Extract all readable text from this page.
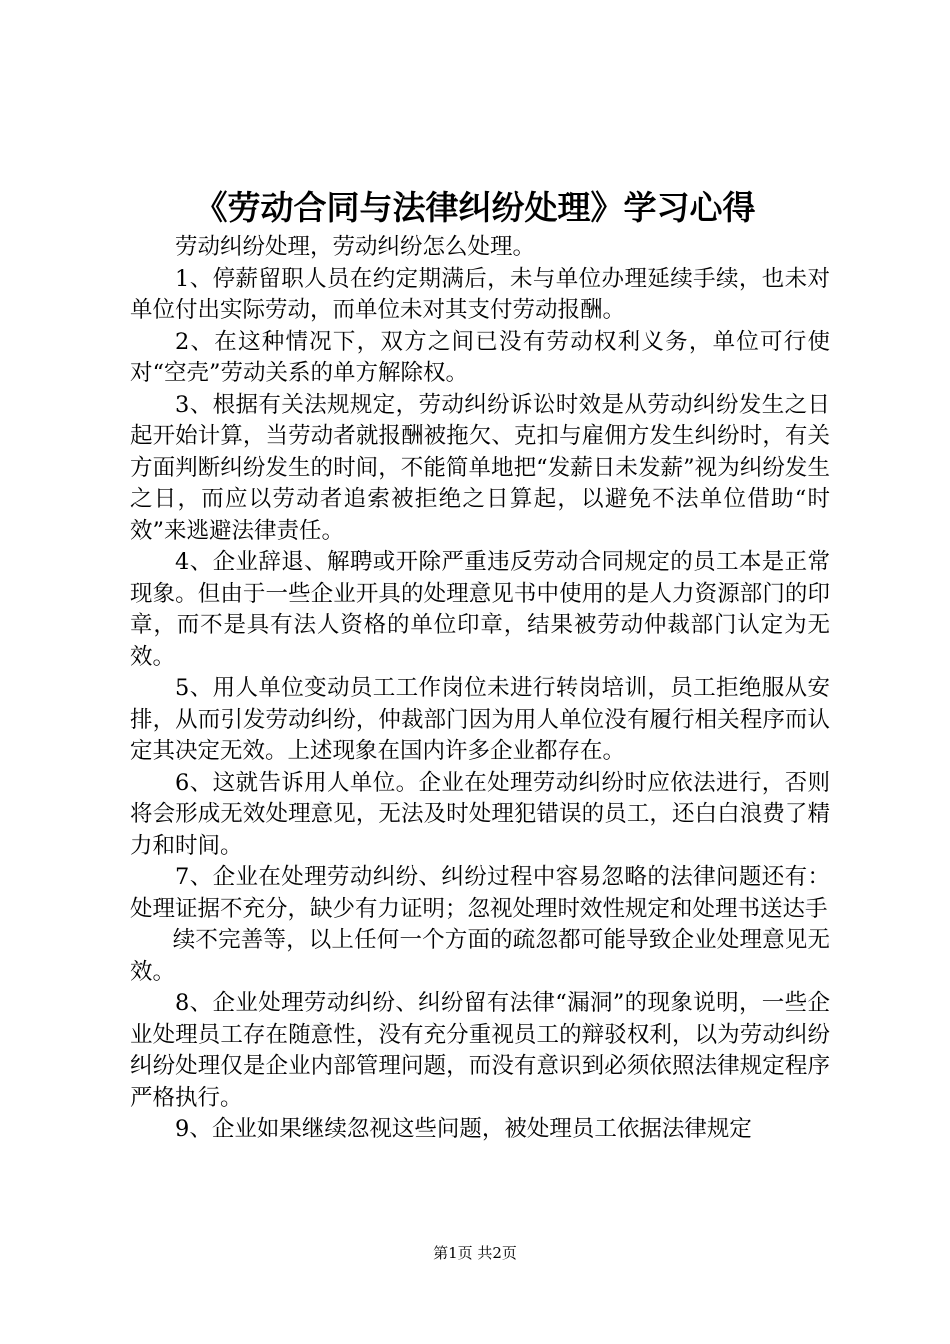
《劳动合同与法律纠纷处理》学习心得

劳动纠纷处理，劳动纠纷怎么处理。

1、停薪留职人员在约定期满后，未与单位办理延续手续，也未对单位付出实际劳动，而单位未对其支付劳动报酬。

2、在这种情况下，双方之间已没有劳动权利义务，单位可行使对“空壳”劳动关系的单方解除权。

3、根据有关法规规定，劳动纠纷诉讼时效是从劳动纠纷发生之日起开始计算，当劳动者就报酬被拖欠、克扣与雇佣方发生纠纷时，有关方面判断纠纷发生的时间，不能简单地把“发薪日未发薪”视为纠纷发生之日，而应以劳动者追索被拒绝之日算起，以避免不法单位借助“时效”来逃避法律责任。

4、企业辞退、解聘或开除严重违反劳动合同规定的员工本是正常现象。但由于一些企业开具的处理意见书中使用的是人力资源部门的印章，而不是具有法人资格的单位印章，结果被劳动仲裁部门认定为无效。

5、用人单位变动员工工作岗位未进行转岗培训，员工拒绝服从安排，从而引发劳动纠纷，仲裁部门因为用人单位没有履行相关程序而认定其决定无效。上述现象在国内许多企业都存在。

6、这就告诉用人单位。企业在处理劳动纠纷时应依法进行，否则将会形成无效处理意见，无法及时处理犯错误的员工，还白白浪费了精力和时间。

7、企业在处理劳动纠纷、纠纷过程中容易忽略的法律问题还有：处理证据不充分，缺少有力证明；忽视处理时效性规定和处理书送达手

续不完善等，以上任何一个方面的疏忽都可能导致企业处理意见无效。

8、企业处理劳动纠纷、纠纷留有法律“漏洞”的现象说明，一些企业处理员工存在随意性，没有充分重视员工的辩驳权利，以为劳动纠纷纠纷处理仅是企业内部管理问题，而没有意识到必须依照法律规定程序严格执行。

9、企业如果继续忽视这些问题，被处理员工依据法律规定

第1页 共2页
